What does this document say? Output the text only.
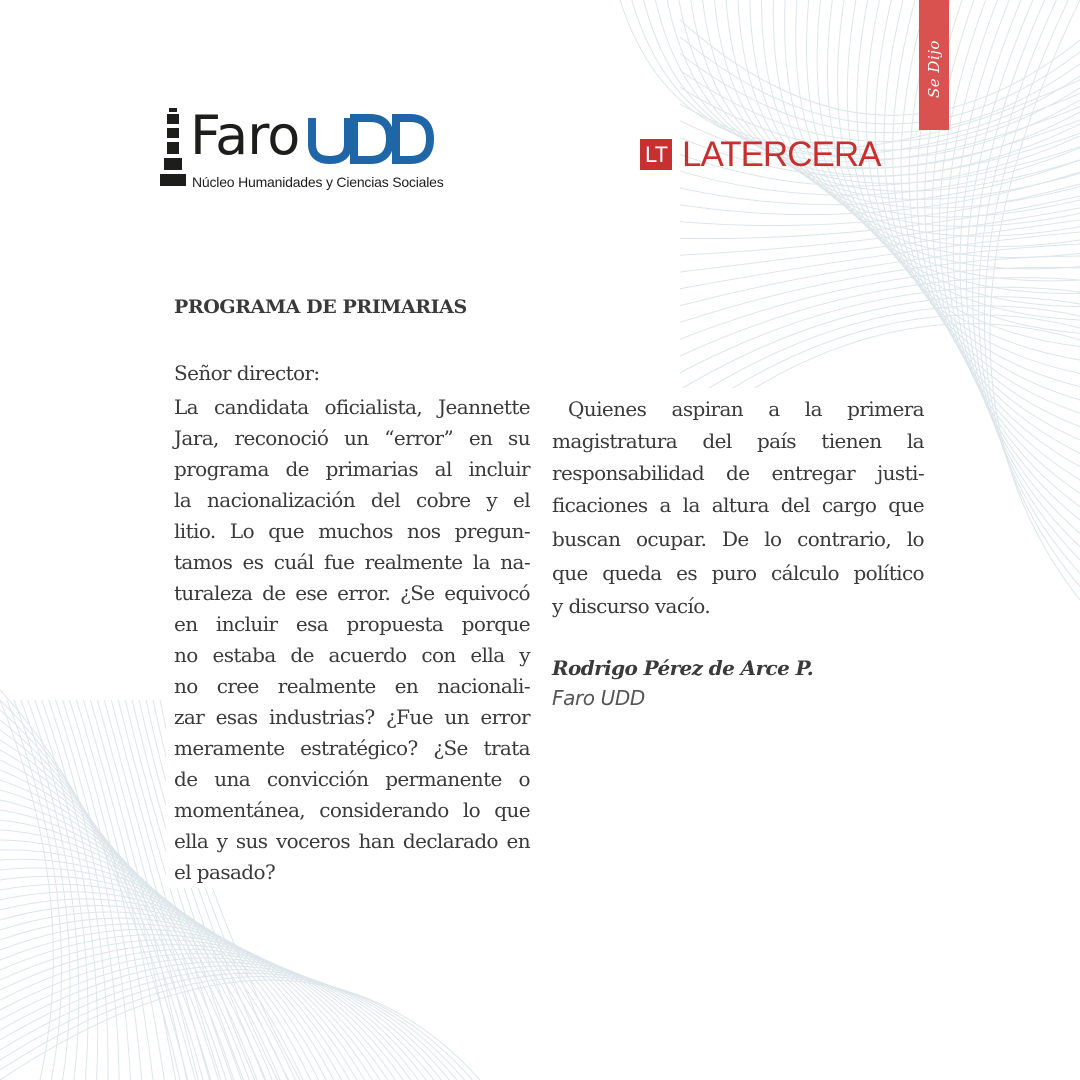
Se Dijo
Faro
Núcleo Humanidades y Ciencias Sociales
LT LATERCERA
PROGRAMA DE PRIMARIAS
Señor director:
La candidata oficialista, Jeannette
Jara, reconoció un “error” en su
programa de primarias al incluir
la nacionalización del cobre y el
litio. Lo que muchos nos pregun-
tamos es cuál fue realmente la na-
turaleza de ese error. ¿Se equivocó
en incluir esa propuesta porque
no estaba de acuerdo con ella y
no cree realmente en nacionali-
zar esas industrias? ¿Fue un error
meramente estratégico? ¿Se trata
de una convicción permanente o
momentánea, considerando lo que
ella y sus voceros han declarado en
el pasado?
Quienes aspiran a la primera
magistratura del país tienen la
responsabilidad de entregar justi-
ficaciones a la altura del cargo que
buscan ocupar. De lo contrario, lo
que queda es puro cálculo político
y discurso vacío.
Rodrigo Pérez de Arce P.
Faro UDD
